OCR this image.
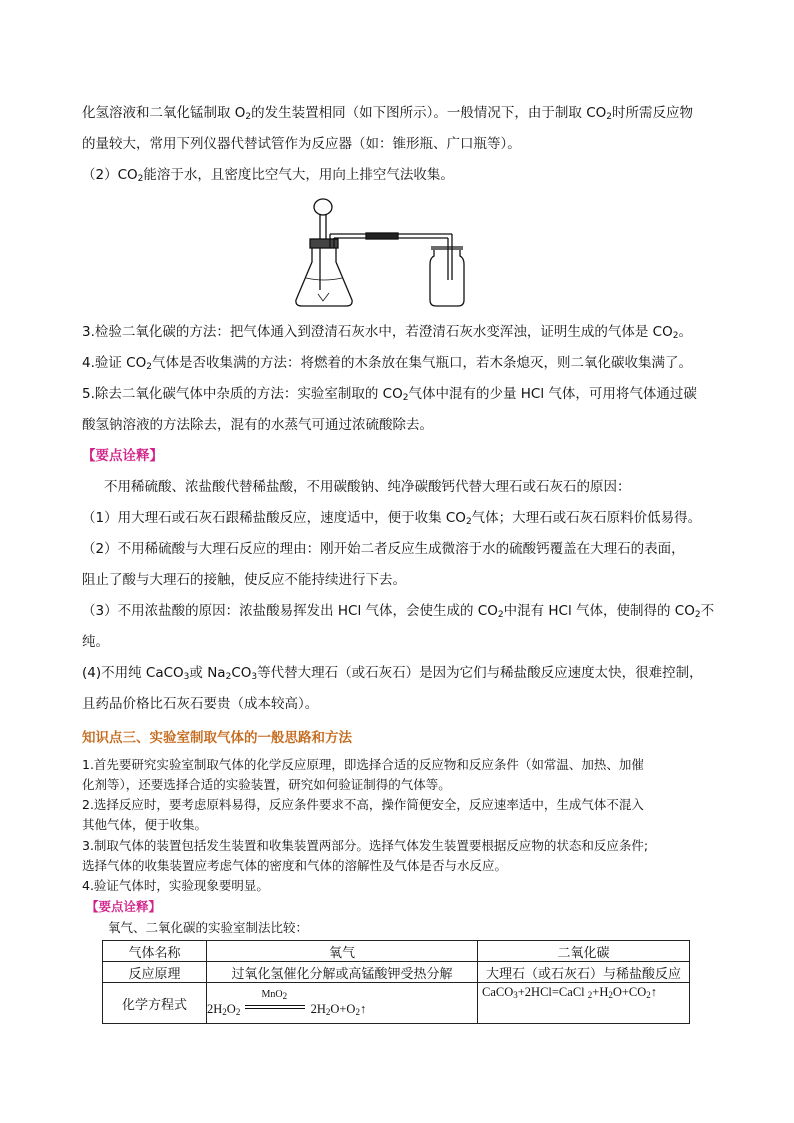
化氢溶液和二氧化锰制取 $O_2$的发生装置相同（如下图所示）。一般情况下，由于制取 $CO_2$时所需反应物
的量较大，常用下列仪器代替试管作为反应器（如：锥形瓶、广口瓶等）。
$(2)CO_2$能溶于水，且密度比空气大，用向上排空气法收集。
3.检验二氧化碳的方法：把气体通入到澄清石灰水中，若澄清石灰水变浑浊，证明生成的气体是 $CO_2$。
4.验证 $CO_2$气体是否收集满的方法：将燃着的木条放在集气瓶口，若木条熄灭，则二氧化碳收集满了。
5.除去二氧化碳气体中杂质的方法：实验室制取的 $CO_2$气体中混有的少量 HCl 气体，可用将气体通过碳
酸氢钠溶液的方法除去，混有的水蒸气可通过浓硫酸除去。
【要点诠释】
不用稀硫酸、浓盐酸代替稀盐酸，不用碳酸钠、纯净碳酸钙代替大理石或石灰石的原因：
（1）用大理石或石灰石跟稀盐酸反应，速度适中，便于收集 $CO_2$气体；大理石或石灰石原料价低易得。
（2）不用稀硫酸与大理石反应的理由：刚开始二者反应生成微溶于水的硫酸钙覆盖在大理石的表面，
阻止了酸与大理石的接触，使反应不能持续进行下去。
（3）不用浓盐酸的原因：浓盐酸易挥发出 HCl 气体，会使生成的 $CO_2$中混有 HCl 气体，使制得的 $CO_2$不
纯。
(4)不用纯 CaCO$_3$或 $Na_2CO_3$等代替大理石（或石灰石）是因为它们与稀盐酸反应速度太快，很难控制，
且药品价格比石灰石要贵（成本较高）。
知识点三、实验室制取气体的一般思路和方法
1.首先要研究实验室制取气体的化学反应原理，即选择合适的反应物和反应条件（如常温、加热、加催
化剂等），还要选择合适的实验装置，研究如何验证制得的气体等。
2.选择反应时，要考虑原料易得，反应条件要求不高，操作简便安全，反应速率适中，生成气体不混入
其他气体，便于收集。
3.制取气体的装置包括发生装置和收集装置两部分。选择气体发生装置要根据反应物的状态和反应条件;
选择气体的收集装置应考虑气体的密度和气体的溶解性及气体是否与水反应。
4.验证气体时，实验现象要明显。
【要点诠释】
氧气、二氧化碳的实验室制法比较：
气体名称	氧气	二氧化碳
反应原理	过氧化氢催化分解或高锰酸钾受热分解	大理石（或石灰石）与稀盐酸反应
化学方程式	$2H_2O_2$
MnO$_2$
$2H_2O+O_2↑$	CaCO$_3$+2HCl=CaCl $_2+H_2O+CO_2↑$
